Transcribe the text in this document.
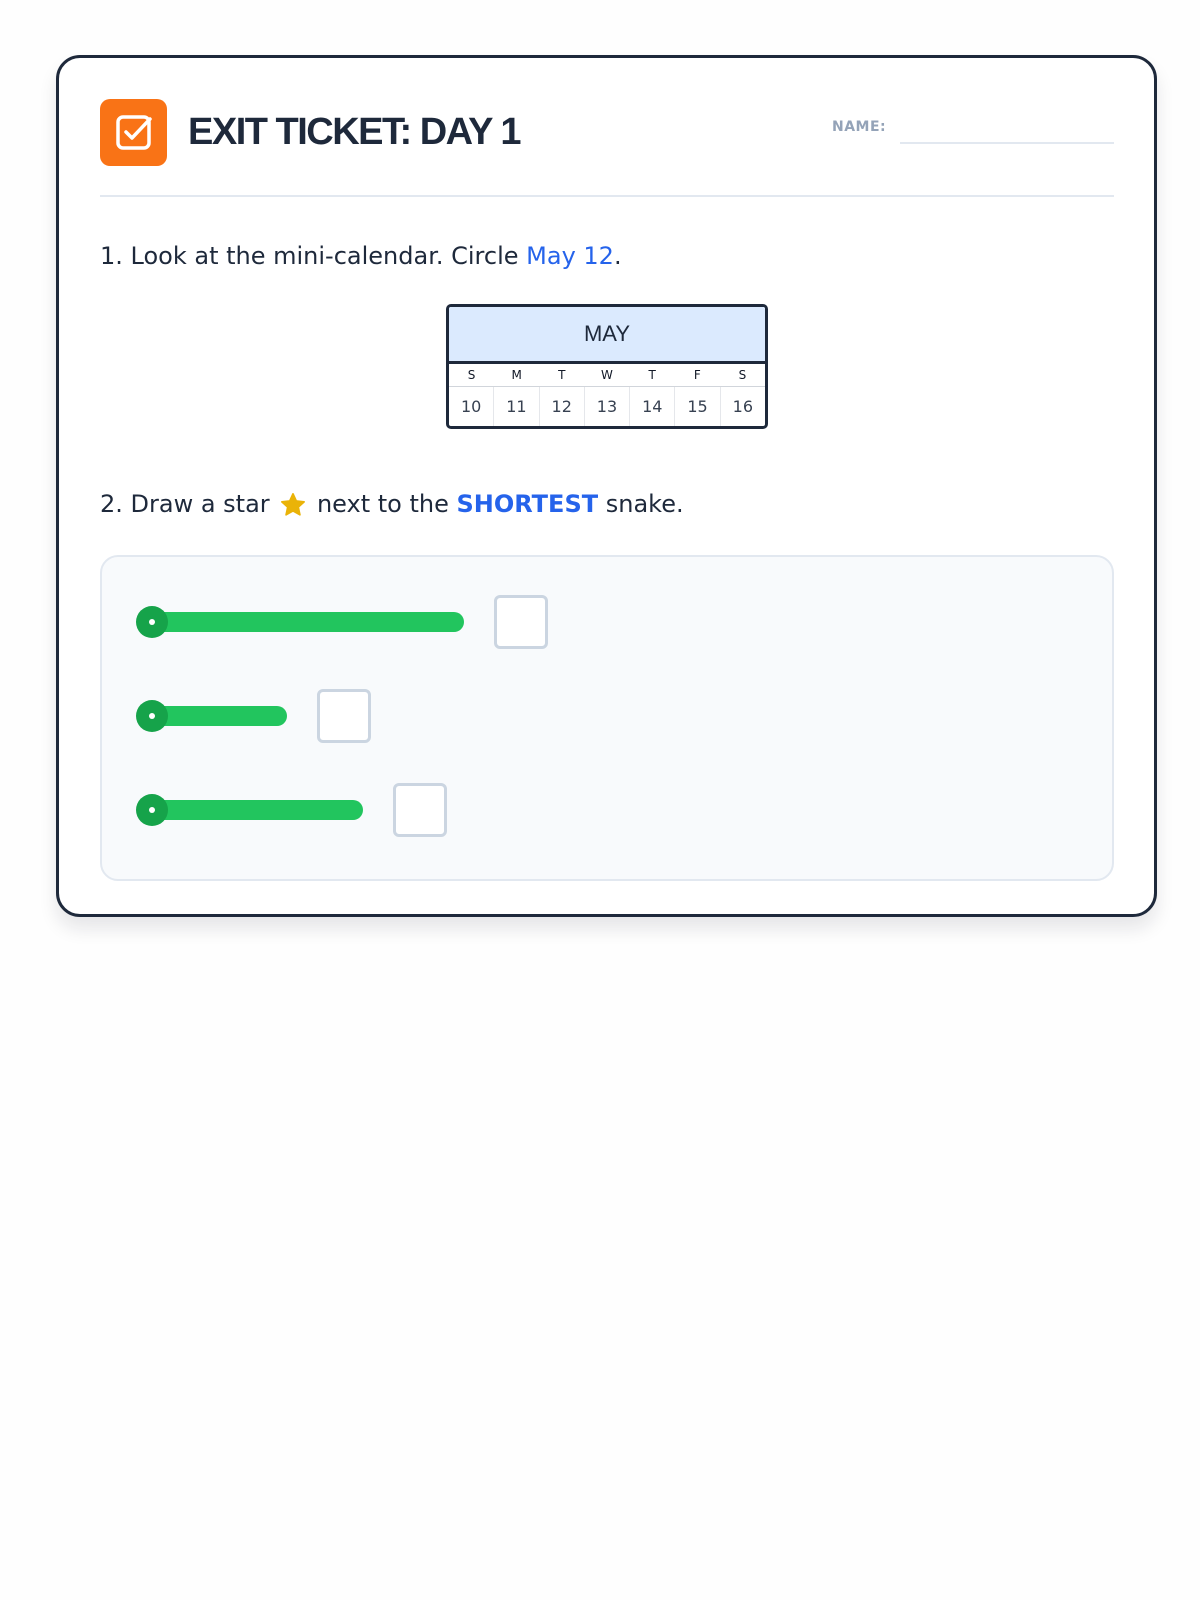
EXIT TICKET: DAY 1	NAME:
1. Look at the mini-calendar. Circle May 12.
MAY
S	M	T	W	T	F	S
10	11	12	13	14	15	16
2. Draw a star  next to the SHORTEST snake.
